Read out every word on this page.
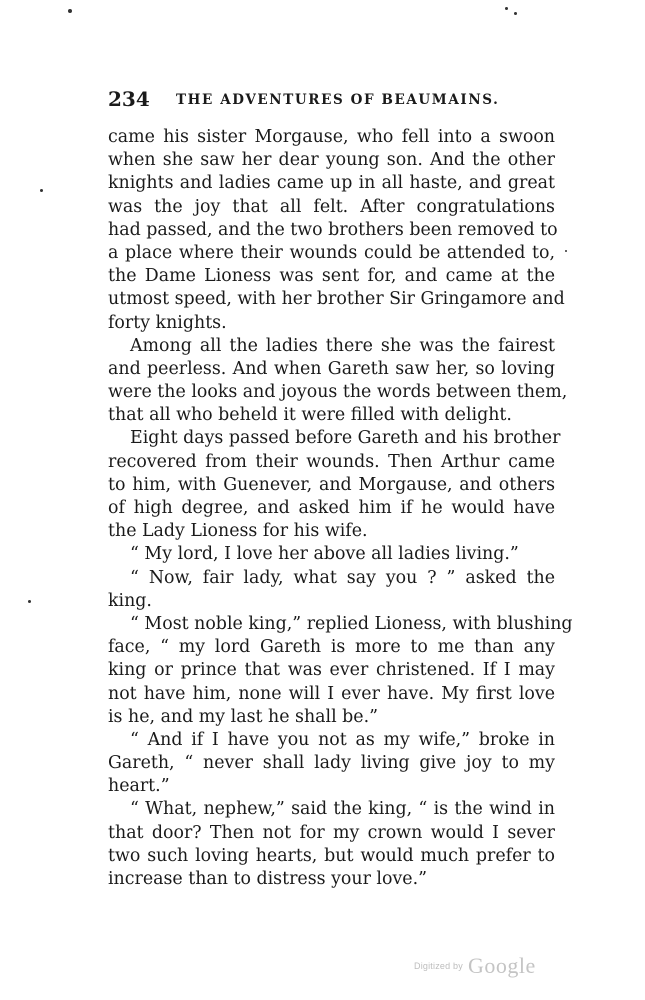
234 THE ADVENTURES OF BEAUMAINS.
came his sister Morgause, who fell into a swoon
when she saw her dear young son. And the other
knights and ladies came up in all haste, and great
was the joy that all felt. After congratulations
had passed, and the two brothers been removed to
a place where their wounds could be attended to,
the Dame Lioness was sent for, and came at the
utmost speed, with her brother Sir Gringamore and
forty knights.
Among all the ladies there she was the fairest
and peerless. And when Gareth saw her, so loving
were the looks and joyous the words between them,
that all who beheld it were filled with delight.
Eight days passed before Gareth and his brother
recovered from their wounds. Then Arthur came
to him, with Guenever, and Morgause, and others
of high degree, and asked him if he would have
the Lady Lioness for his wife.
“ My lord, I love her above all ladies living.”
“ Now, fair lady, what say you ? ” asked the
king.
“ Most noble king,” replied Lioness, with blushing
face, “ my lord Gareth is more to me than any
king or prince that was ever christened. If I may
not have him, none will I ever have. My first love
is he, and my last he shall be.”
“ And if I have you not as my wife,” broke in
Gareth, “ never shall lady living give joy to my
heart.”
“ What, nephew,” said the king, “ is the wind in
that door? Then not for my crown would I sever
two such loving hearts, but would much prefer to
increase than to distress your love.”
Digitized by Google
